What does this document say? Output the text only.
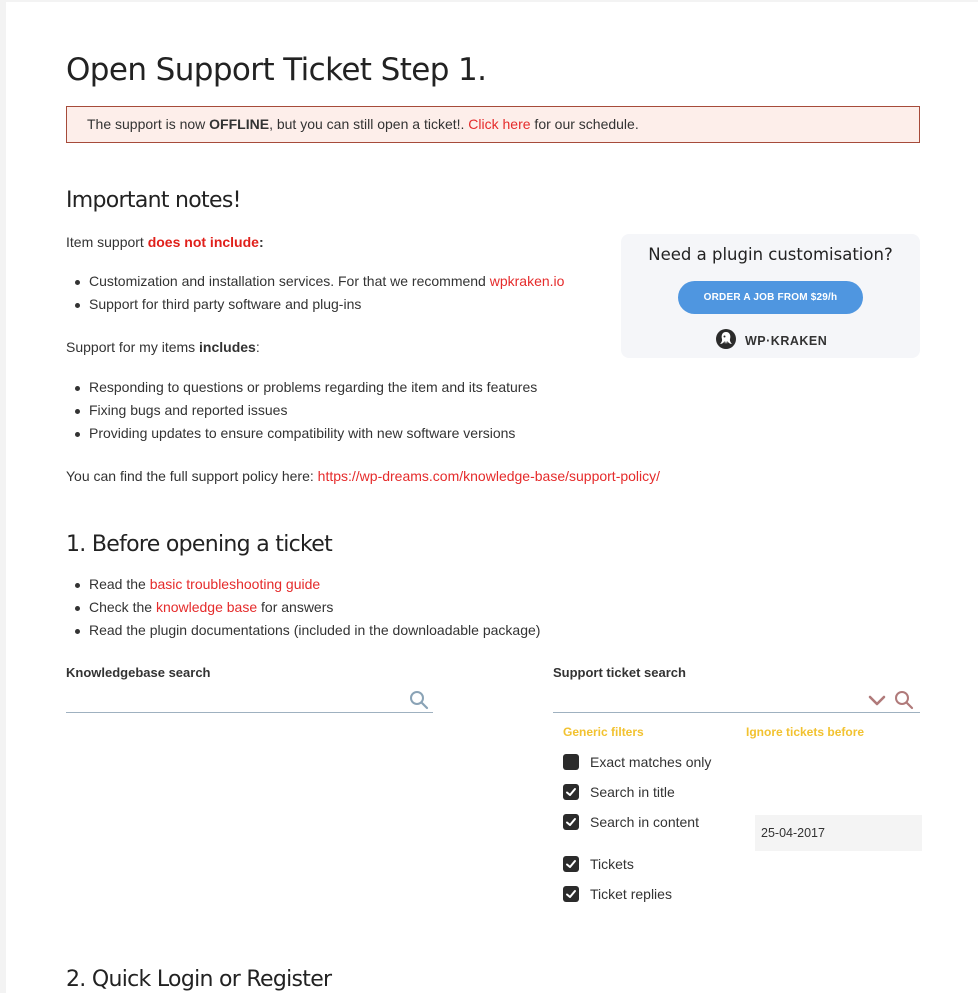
Open Support Ticket Step 1.
The support is now OFFLINE, but you can still open a ticket!. Click here for our schedule.
Important notes!

Item support does not include:

Customization and installation services. For that we recommend wpkraken.io
Support for third party software and plug-ins

Support for my items includes:

Responding to questions or problems regarding the item and its features
Fixing bugs and reported issues
Providing updates to ensure compatibility with new software versions

You can find the full support policy here: https://wp-dreams.com/knowledge-base/support-policy/

Need a plugin customisation?
ORDER A JOB FROM $29/h
WP·KRAKEN
1. Before opening a ticket
Read the basic troubleshooting guide
Check the knowledge base for answers
Read the plugin documentations (included in the downloadable package)
Knowledgebase search	Support ticket search
Generic filters	Ignore tickets before
Exact matches only
Search in title
Search in content
Tickets
Ticket replies
25-04-2017
2. Quick Login or Register
